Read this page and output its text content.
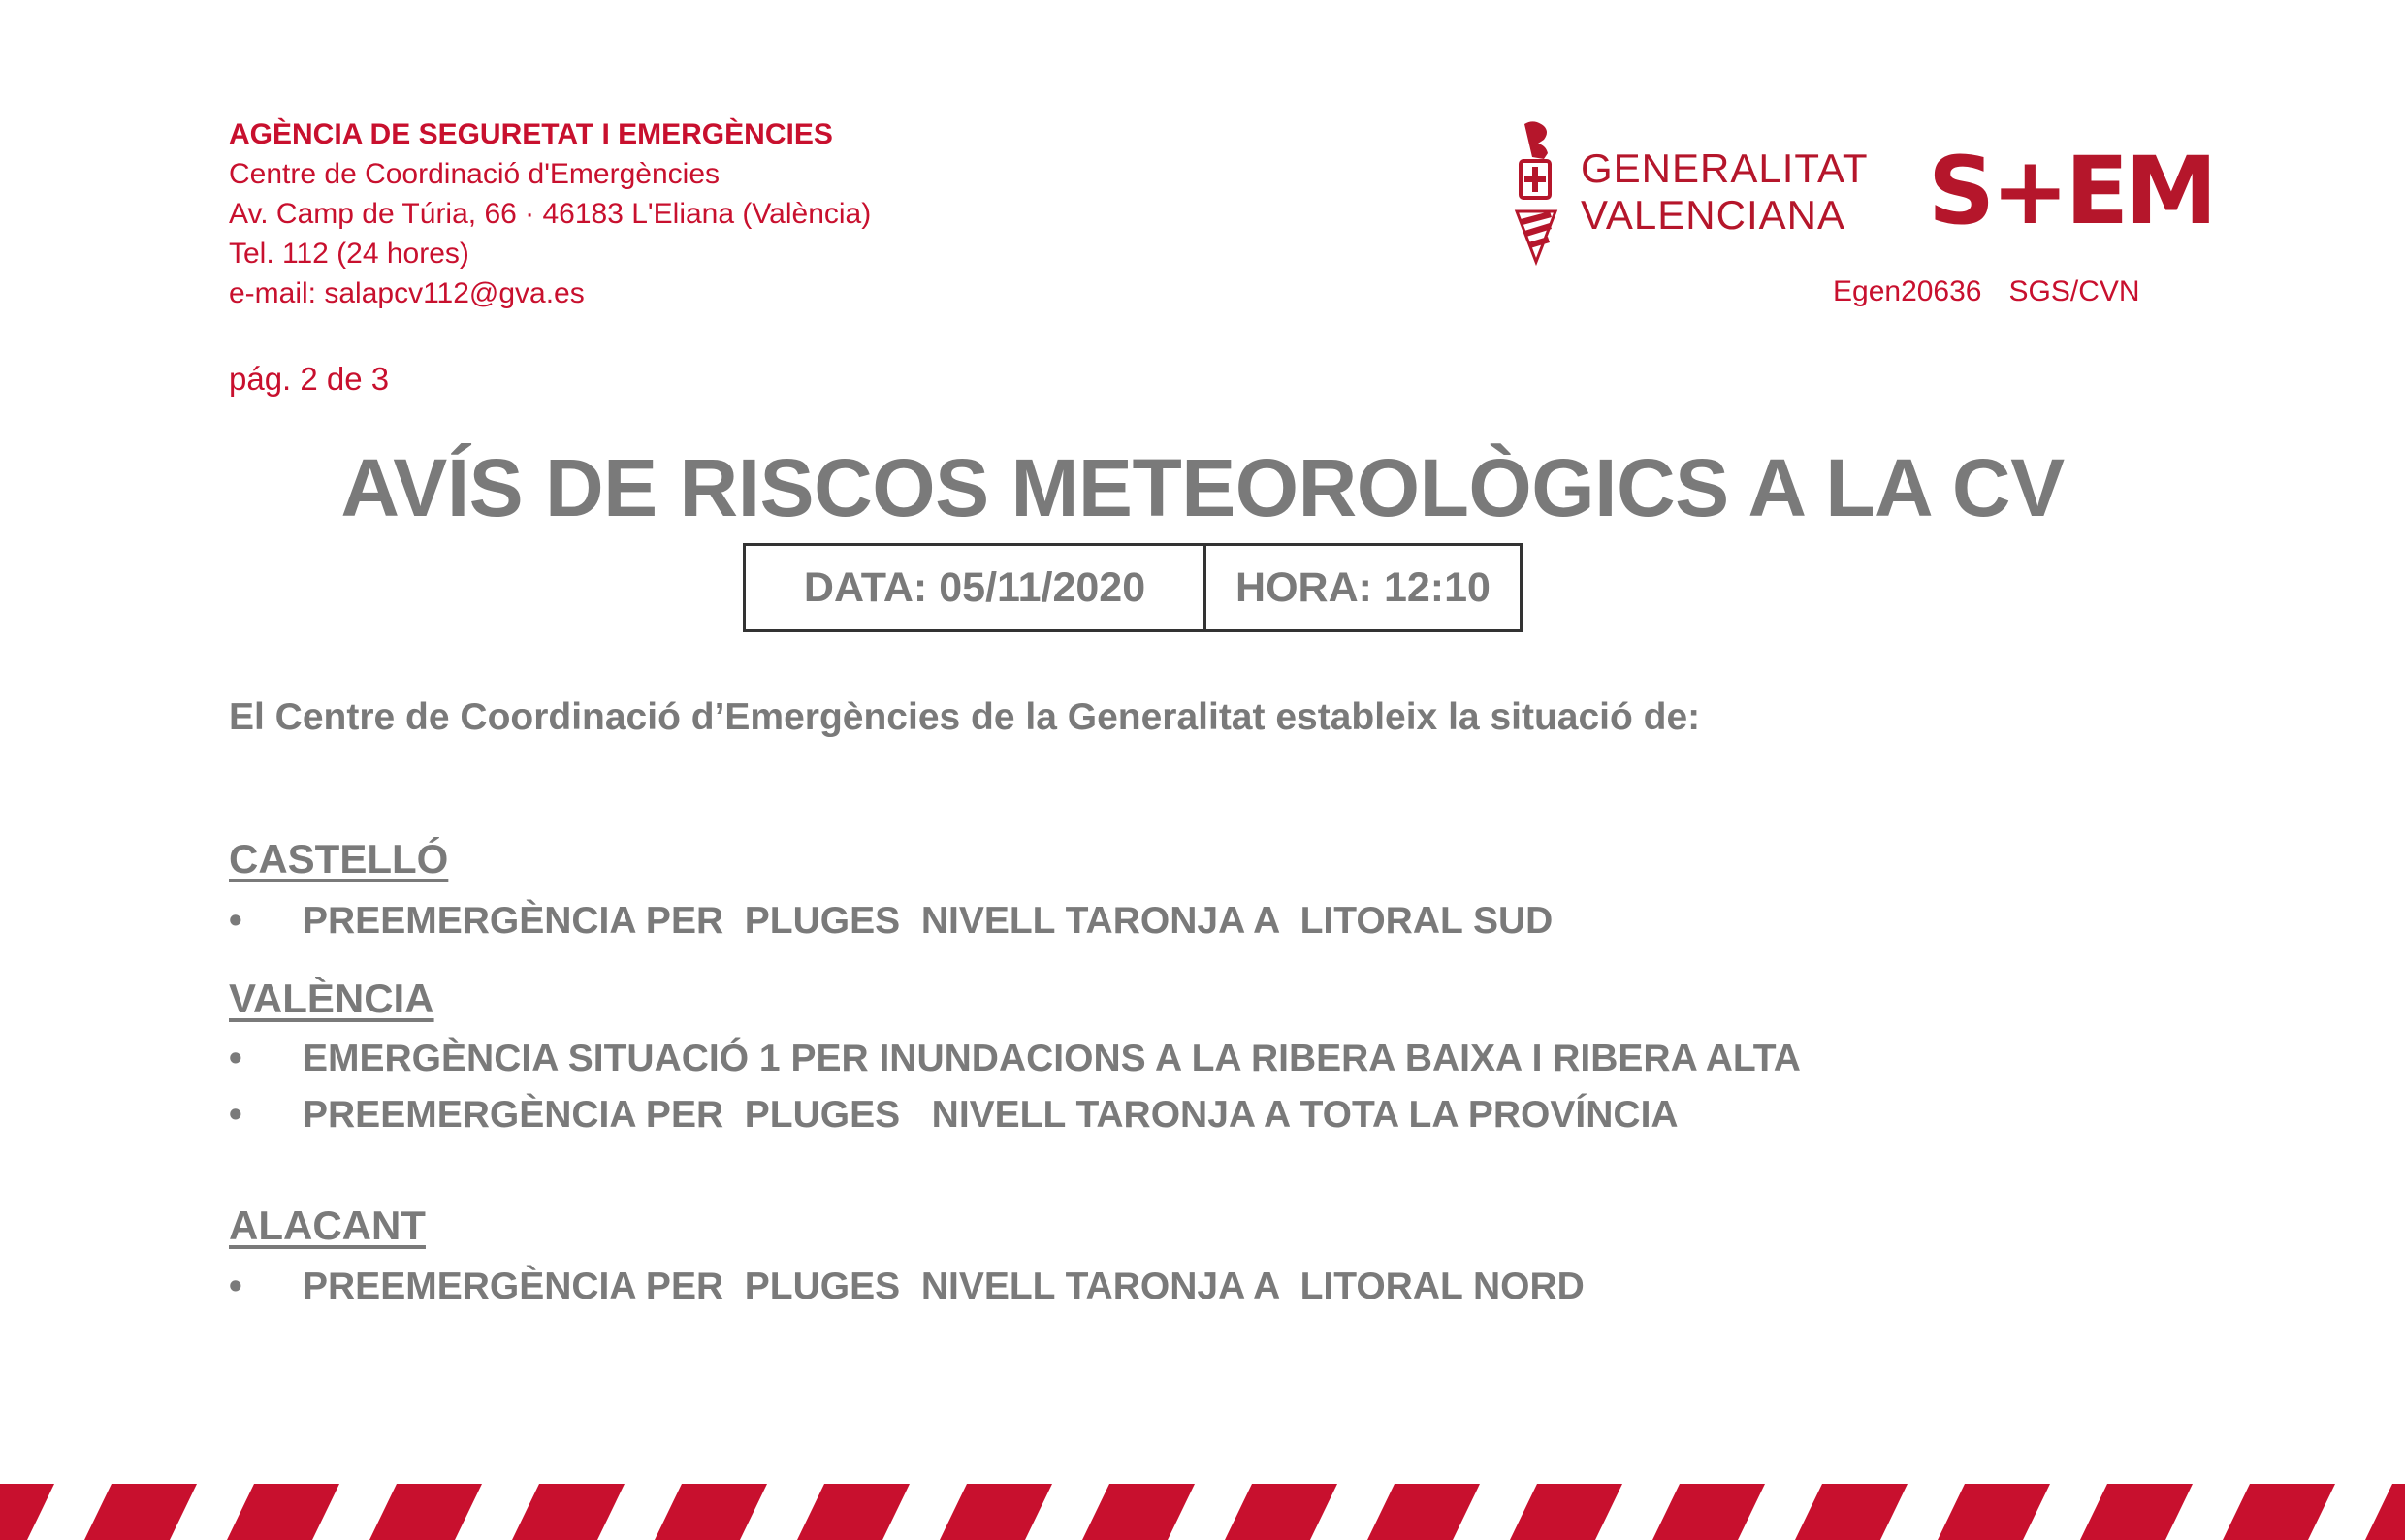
AGÈNCIA DE SEGURETAT I EMERGÈNCIES
Centre de Coordinació d'Emergències
Av. Camp de Túria, 66 · 46183 L'Eliana (València)
Tel. 112 (24 hores)
e-mail: salapcv112@gva.es
pág. 2 de 3
GENERALITAT
VALENCIANA S+EM
Egen20636 SGS/CVN
AVÍS DE RISCOS METEOROLÒGICS A LA CV
DATA: 05/11/2020 HORA: 12:10
El Centre de Coordinació d’Emergències de la Generalitat estableix la situació de:
CASTELLÓ
• PREEMERGÈNCIA PER  PLUGES  NIVELL TARONJA A  LITORAL SUD
VALÈNCIA
• EMERGÈNCIA SITUACIÓ 1 PER INUNDACIONS A LA RIBERA BAIXA I RIBERA ALTA
• PREEMERGÈNCIA PER  PLUGES   NIVELL TARONJA A TOTA LA PROVÍNCIA
ALACANT
• PREEMERGÈNCIA PER  PLUGES  NIVELL TARONJA A  LITORAL NORD
